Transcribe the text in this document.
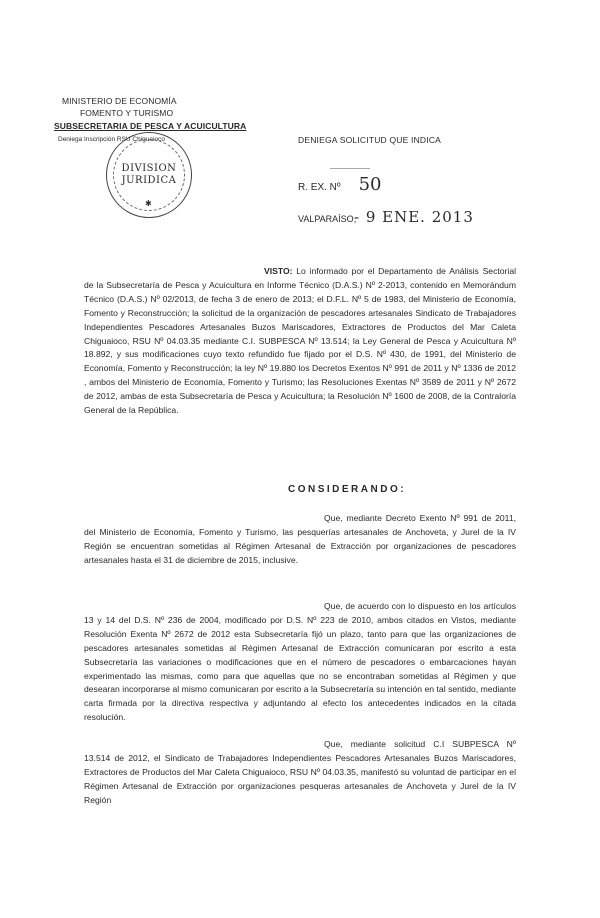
MINISTERIO DE ECONOMÍA
FOMENTO Y TURISMO
SUBSECRETARIA DE PESCA Y ACUICULTURA
Deniega Inscripción RSU Chiguaioco
DIVISION
JURIDICA
✱
DENIEGA SOLICITUD QUE INDICA
R. EX. Nº 50
VALPARAÍSO,
- 9 ENE. 2013
VISTO: Lo informado por el Departamento de Análisis Sectorial de la Subsecretaría de Pesca y Acuicultura en Informe Técnico (D.A.S.) Nº 2-2013, contenido en Memorándum Técnico (D.A.S.) Nº 02/2013, de fecha 3 de enero de 2013; el D.F.L. Nº 5 de 1983, del Ministerio de Economía, Fomento y Reconstrucción; la solicitud de la organización de pescadores artesanales Sindicato de Trabajadores Independientes Pescadores Artesanales Buzos Mariscadores, Extractores de Productos del Mar Caleta Chiguaioco, RSU Nº 04.03.35 mediante C.I. SUBPESCA Nº 13.514; la Ley General de Pesca y Acuicultura Nº 18.892, y sus modificaciones cuyo texto refundido fue fijado por el D.S. Nº 430, de 1991, del Ministerio de Economía, Fomento y Reconstrucción; la ley Nº 19.880 los Decretos Exentos Nº 991 de 2011 y Nº 1336 de 2012 , ambos del Ministerio de Economía, Fomento y Turismo; las Resoluciones Exentas Nº 3589 de 2011 y Nº 2672 de 2012, ambas de esta Subsecretaría de Pesca y Acuicultura; la Resolución Nº 1600 de 2008, de la Contraloría General de la República.
CONSIDERANDO:
Que, mediante Decreto Exento Nº 991 de 2011, del Ministerio de Economía, Fomento y Turismo, las pesquerías artesanales de Anchoveta, y Jurel de la IV Región se encuentran sometidas al Régimen Artesanal de Extracción por organizaciones de pescadores artesanales hasta el 31 de diciembre de 2015, inclusive.
Que, de acuerdo con lo dispuesto en los artículos 13 y 14 del D.S. Nº 236 de 2004, modificado por D.S. Nº 223 de 2010, ambos citados en Vistos, mediante Resolución Exenta Nº 2672 de 2012 esta Subsecretaría fijó un plazo, tanto para que las organizaciones de pescadores artesanales sometidas al Régimen Artesanal de Extracción comunicaran por escrito a esta Subsecretaría las variaciones o modificaciones que en el número de pescadores o embarcaciones hayan experimentado las mismas, como para que aquellas que no se encontraban sometidas al Régimen y que desearan incorporarse al mismo comunicaran por escrito a la Subsecretaría su intención en tal sentido, mediante carta firmada por la directiva respectiva y adjuntando al efecto los antecedentes indicados en la citada resolución.
Que, mediante solicitud C.I SUBPESCA Nº 13.514 de 2012, el Sindicato de Trabajadores Independientes Pescadores Artesanales Buzos Mariscadores, Extractores de Productos del Mar Caleta Chiguaioco, RSU Nº 04.03.35, manifestó su voluntad de participar en el Régimen Artesanal de Extracción por organizaciones pesqueras artesanales de Anchoveta y Jurel de la IV Región
